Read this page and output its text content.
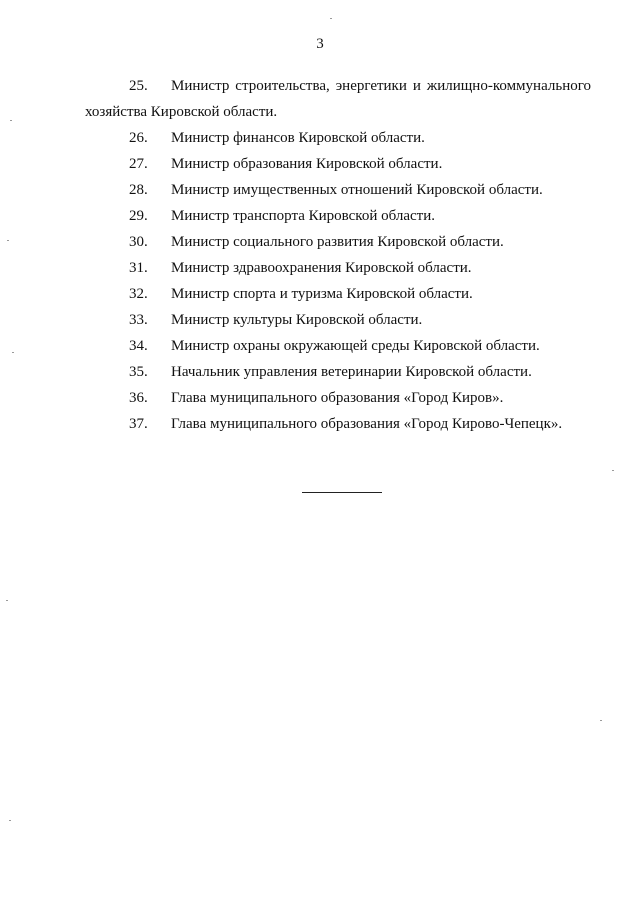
3
25. Министр строительства, энергетики и жилищно-коммунального
хозяйства Кировской области.
26. Министр финансов Кировской области.
27. Министр образования Кировской области.
28. Министр имущественных отношений Кировской области.
29. Министр транспорта Кировской области.
30. Министр социального развития Кировской области.
31. Министр здравоохранения Кировской области.
32. Министр спорта и туризма Кировской области.
33. Министр культуры Кировской области.
34. Министр охраны окружающей среды Кировской области.
35. Начальник управления ветеринарии Кировской области.
36. Глава муниципального образования «Город Киров».
37. Глава муниципального образования «Город Кирово-Чепецк».
